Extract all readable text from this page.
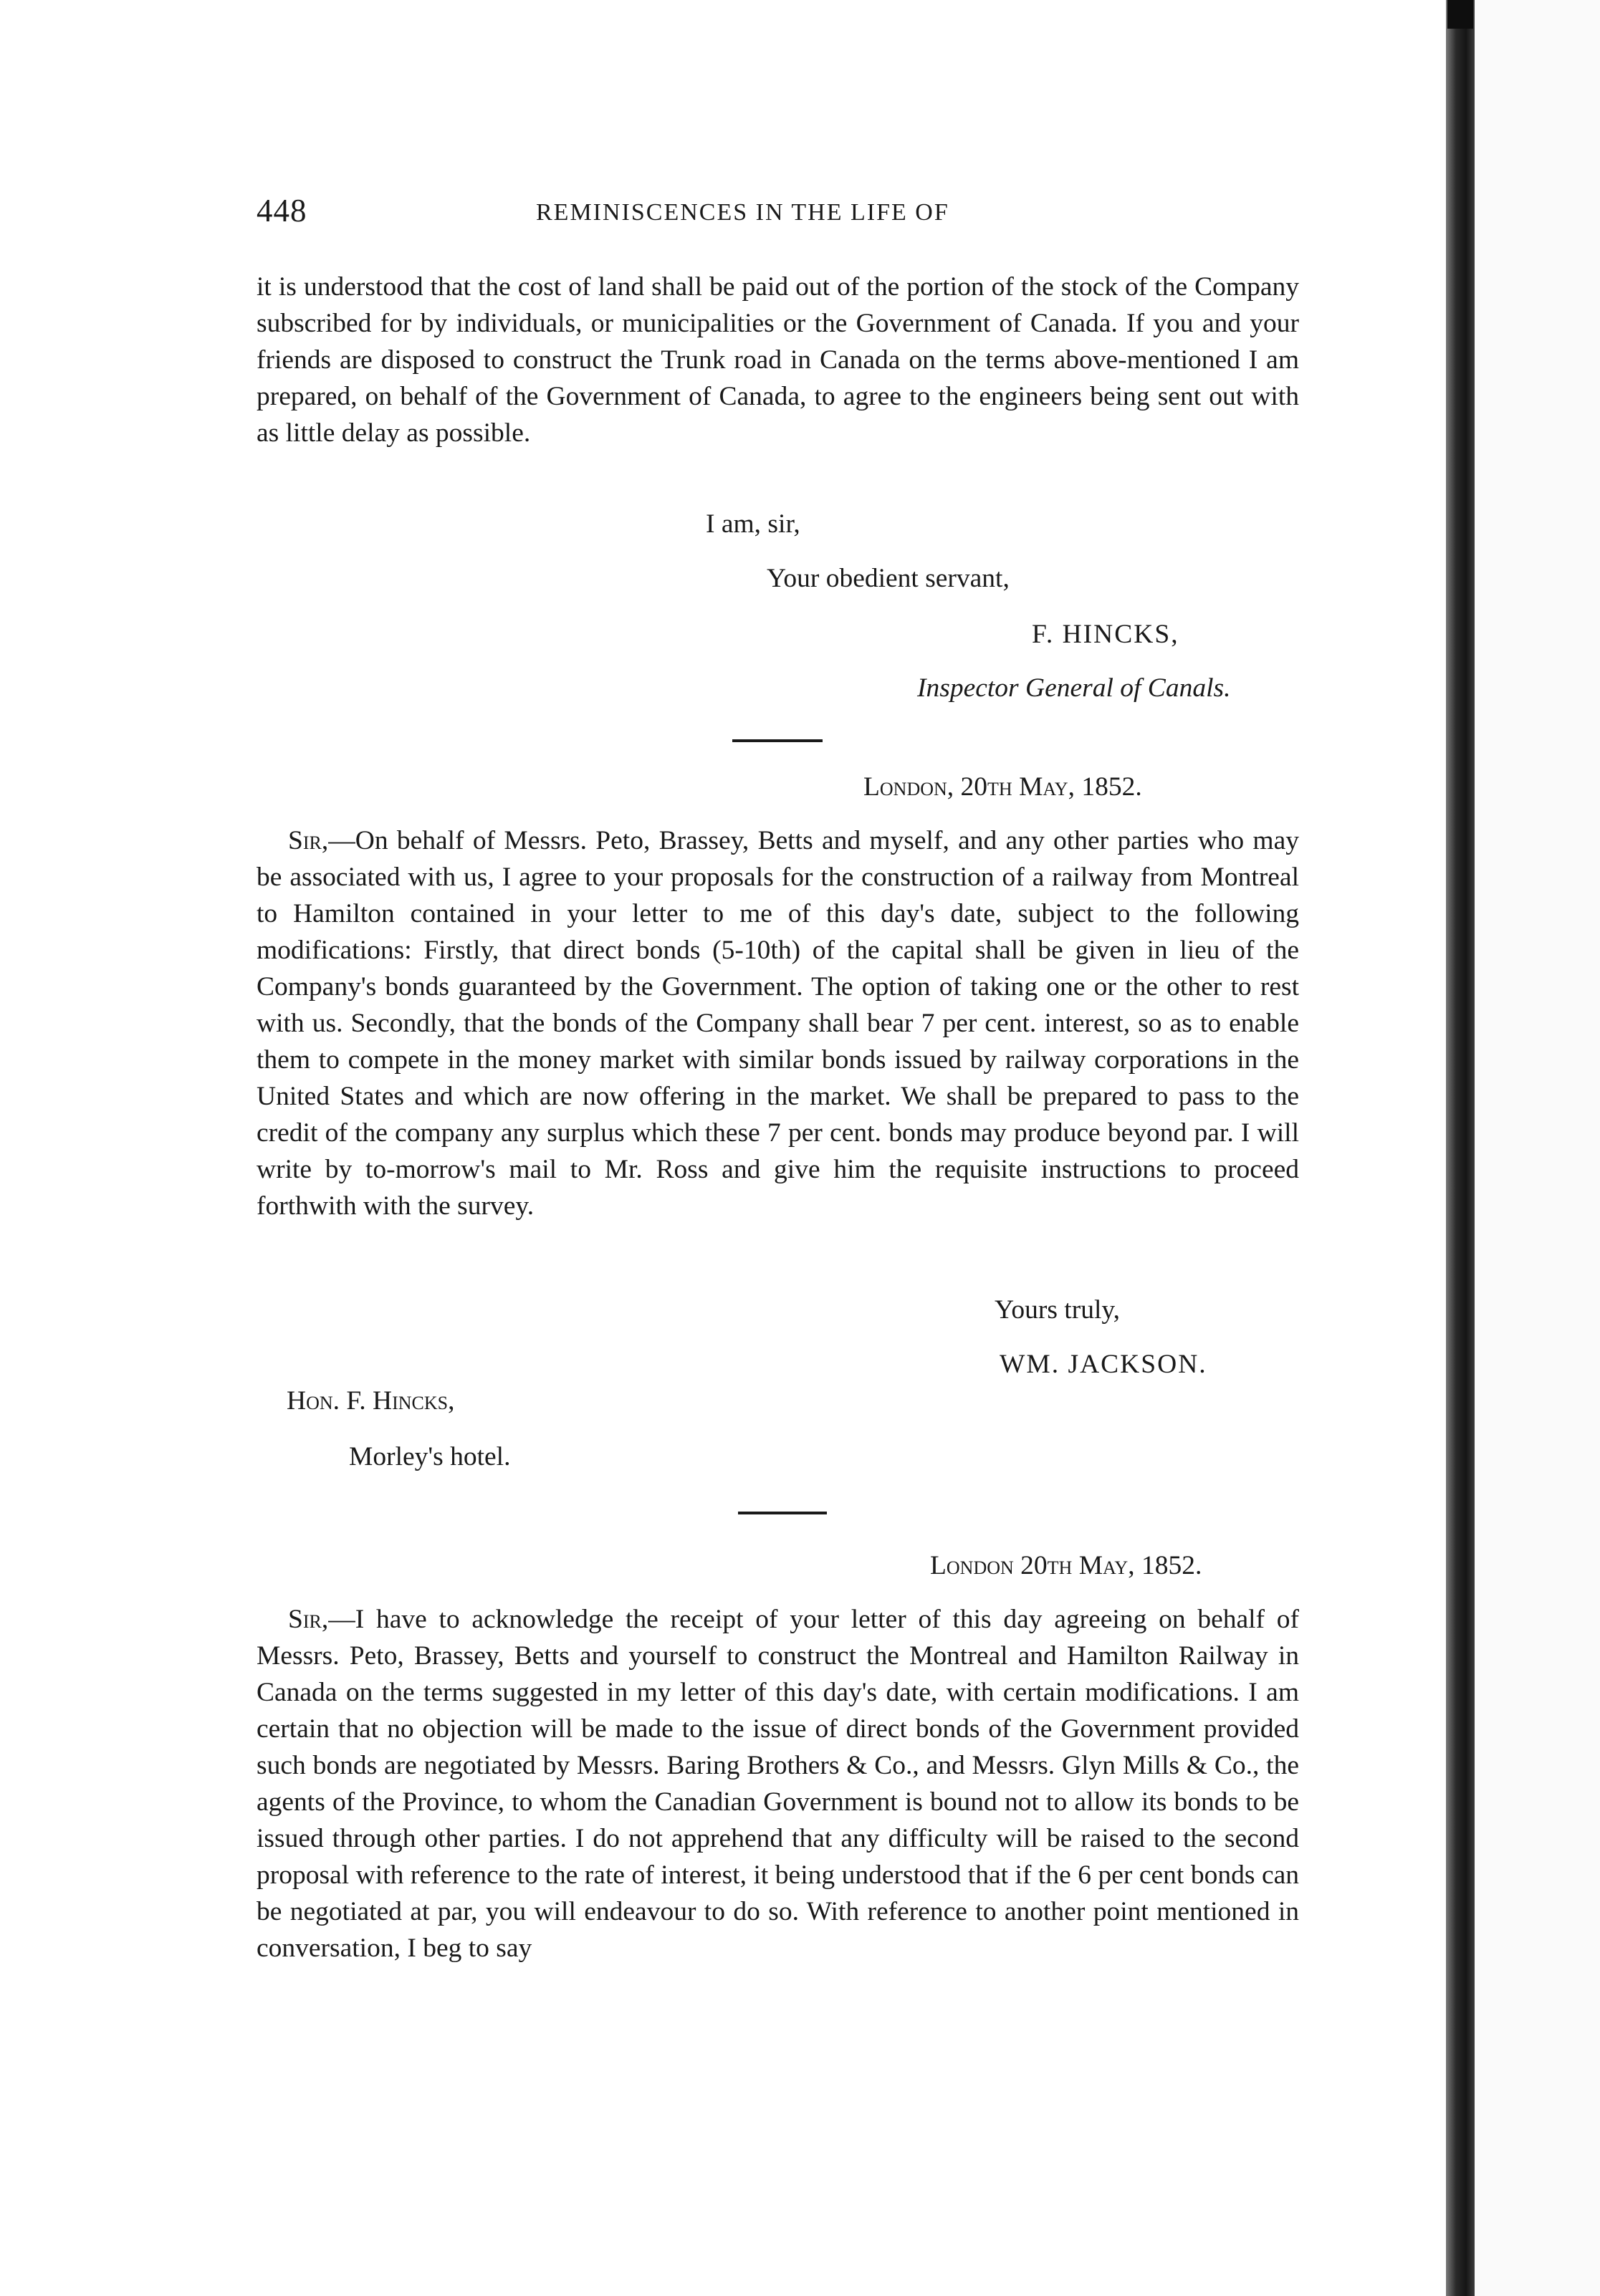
448	REMINISCENCES IN THE LIFE OF

it is understood that the cost of land shall be paid out of the portion of the stock of the Company subscribed for by individuals, or municipalities or the Government of Canada. If you and your friends are disposed to construct the Trunk road in Canada on the terms above-mentioned I am prepared, on behalf of the Government of Canada, to agree to the engineers being sent out with as little delay as possible.

I am, sir,
Your obedient servant,
F. HINCKS,
Inspector General of Canals.
London, 20th May, 1852.

Sir,—On behalf of Messrs. Peto, Brassey, Betts and myself, and any other parties who may be associated with us, I agree to your proposals for the construction of a railway from Montreal to Hamilton contained in your letter to me of this day's date, subject to the following modifications: Firstly, that direct bonds (5-10th) of the capital shall be given in lieu of the Company's bonds guaranteed by the Government. The option of taking one or the other to rest with us. Secondly, that the bonds of the Company shall bear 7 per cent. interest, so as to enable them to compete in the money market with similar bonds issued by railway corporations in the United States and which are now offering in the market. We shall be prepared to pass to the credit of the company any surplus which these 7 per cent. bonds may produce beyond par. I will write by to-morrow's mail to Mr. Ross and give him the requisite instructions to proceed forthwith with the survey.

Yours truly,
WM. JACKSON.
Hon. F. Hincks,
Morley's hotel.
London 20th May, 1852.

Sir,—I have to acknowledge the receipt of your letter of this day agreeing on behalf of Messrs. Peto, Brassey, Betts and yourself to construct the Montreal and Hamilton Railway in Canada on the terms suggested in my letter of this day's date, with certain modifications. I am certain that no objection will be made to the issue of direct bonds of the Government provided such bonds are negotiated by Messrs. Baring Brothers & Co., and Messrs. Glyn Mills & Co., the agents of the Province, to whom the Canadian Government is bound not to allow its bonds to be issued through other parties. I do not apprehend that any difficulty will be raised to the second proposal with reference to the rate of interest, it being understood that if the 6 per cent bonds can be negotiated at par, you will endeavour to do so. With reference to another point mentioned in conversation, I beg to say
